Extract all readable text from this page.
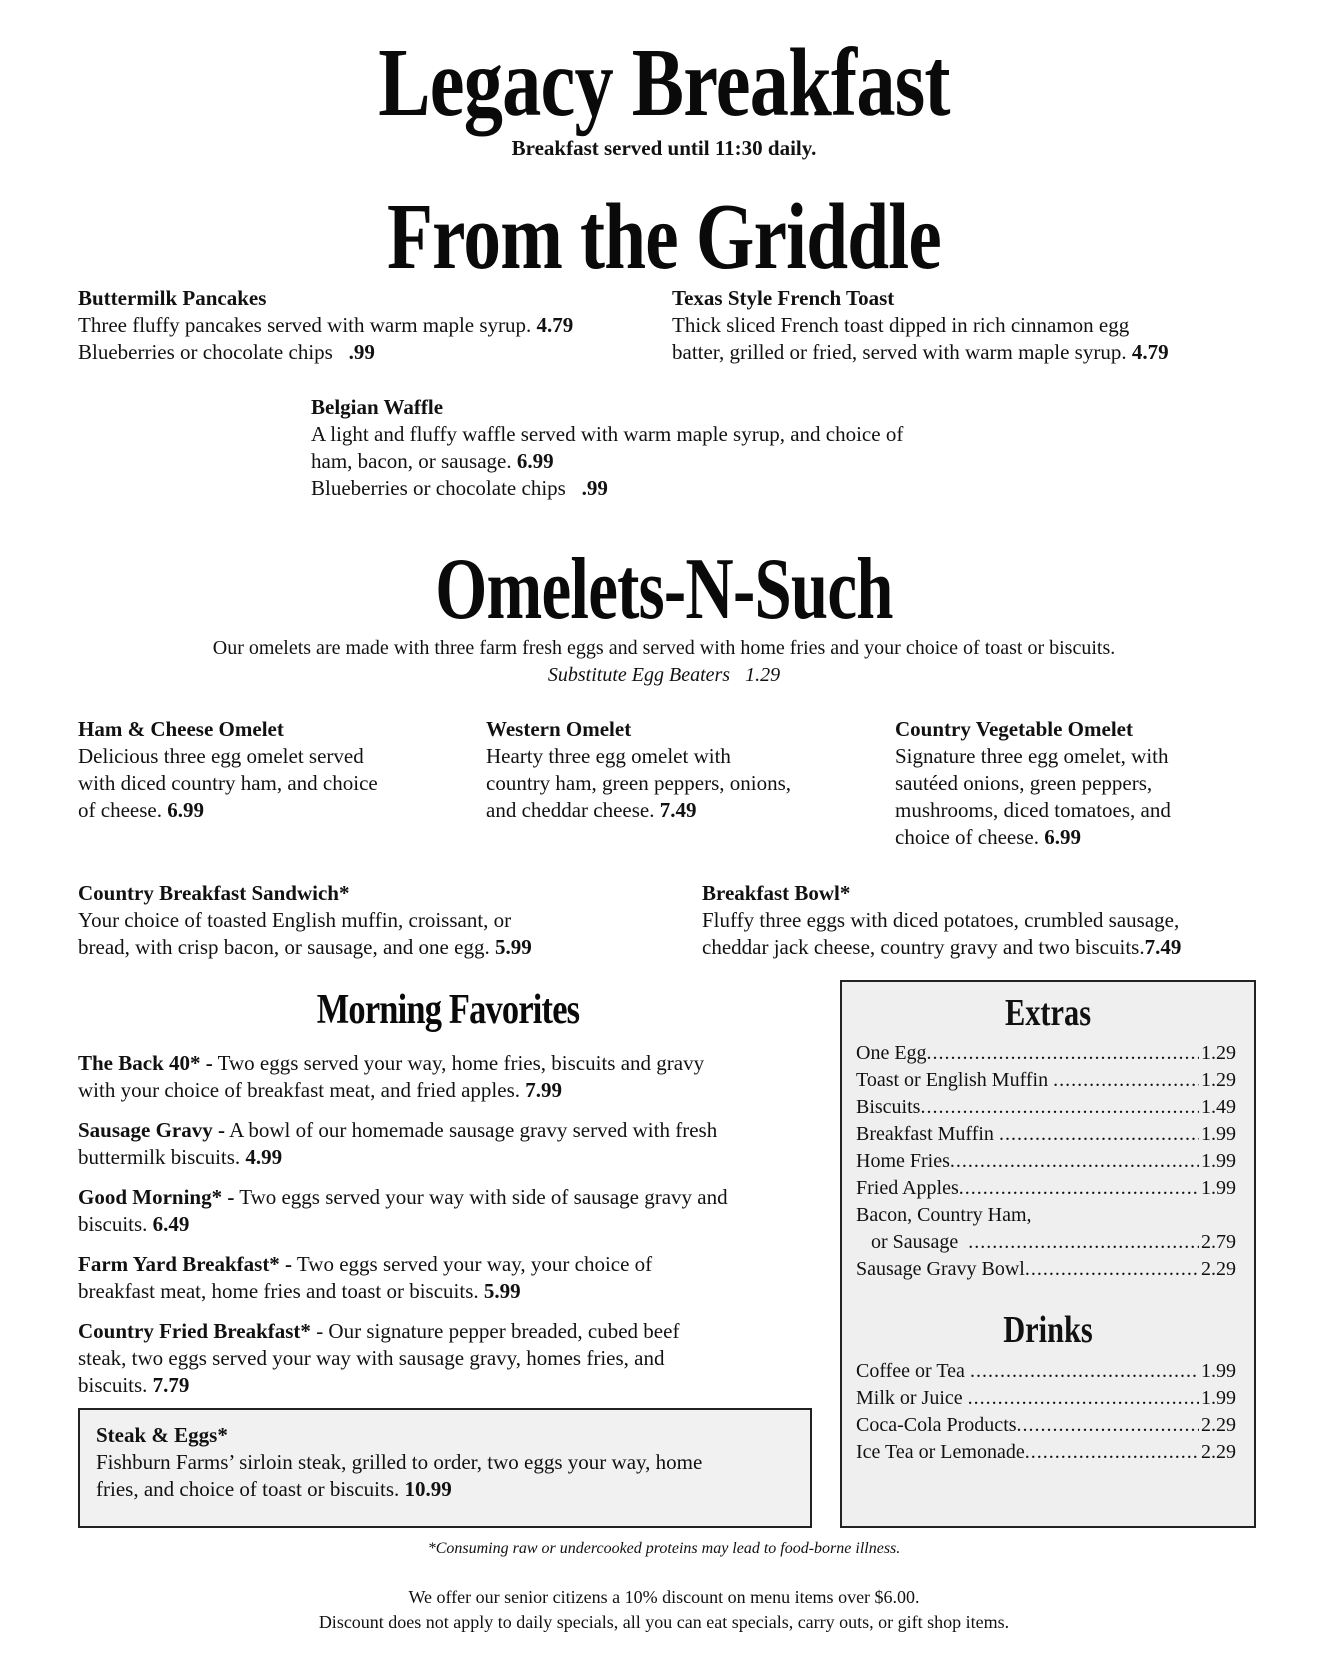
Legacy Breakfast
Breakfast served until 11:30 daily.
From the Griddle
Buttermilk Pancakes
Three fluffy pancakes served with warm maple syrup. 4.79
Blueberries or chocolate chips .99
Texas Style French Toast
Thick sliced French toast dipped in rich cinnamon egg
batter, grilled or fried, served with warm maple syrup. 4.79
Belgian Waffle
A light and fluffy waffle served with warm maple syrup, and choice of
ham, bacon, or sausage. 6.99
Blueberries or chocolate chips .99
Omelets-N-Such
Our omelets are made with three farm fresh eggs and served with home fries and your choice of toast or biscuits.
Substitute Egg Beaters 1.29
Ham & Cheese Omelet
Delicious three egg omelet served
with diced country ham, and choice
of cheese. 6.99
Western Omelet
Hearty three egg omelet with
country ham, green peppers, onions,
and cheddar cheese. 7.49
Country Vegetable Omelet
Signature three egg omelet, with
sautéed onions, green peppers,
mushrooms, diced tomatoes, and
choice of cheese. 6.99
Country Breakfast Sandwich*
Your choice of toasted English muffin, croissant, or
bread, with crisp bacon, or sausage, and one egg. 5.99
Breakfast Bowl*
Fluffy three eggs with diced potatoes, crumbled sausage,
cheddar jack cheese, country gravy and two biscuits.7.49
Morning Favorites
The Back 40* - Two eggs served your way, home fries, biscuits and gravy
with your choice of breakfast meat, and fried apples. 7.99
Sausage Gravy - A bowl of our homemade sausage gravy served with fresh
buttermilk biscuits. 4.99
Good Morning* - Two eggs served your way with side of sausage gravy and
biscuits. 6.49
Farm Yard Breakfast* - Two eggs served your way, your choice of
breakfast meat, home fries and toast or biscuits. 5.99
Country Fried Breakfast* - Our signature pepper breaded, cubed beef
steak, two eggs served your way with sausage gravy, homes fries, and
biscuits. 7.79
Steak & Eggs*
Fishburn Farms’ sirloin steak, grilled to order, two eggs your way, home
fries, and choice of toast or biscuits. 10.99
Extras
One Egg .....	1.29
Toast or English Muffin .....	1.29
Biscuits .....	1.49
Breakfast Muffin .....	1.99
Home Fries .....	1.99
Fried Apples .....	1.99
Bacon, Country Ham,
or Sausage .....	2.79
Sausage Gravy Bowl .....	2.29
Drinks
Coffee or Tea .....	1.99
Milk or Juice .....	1.99
Coca-Cola Products .....	2.29
Ice Tea or Lemonade .....	2.29
*Consuming raw or undercooked proteins may lead to food-borne illness.
We offer our senior citizens a 10% discount on menu items over $6.00.
Discount does not apply to daily specials, all you can eat specials, carry outs, or gift shop items.
